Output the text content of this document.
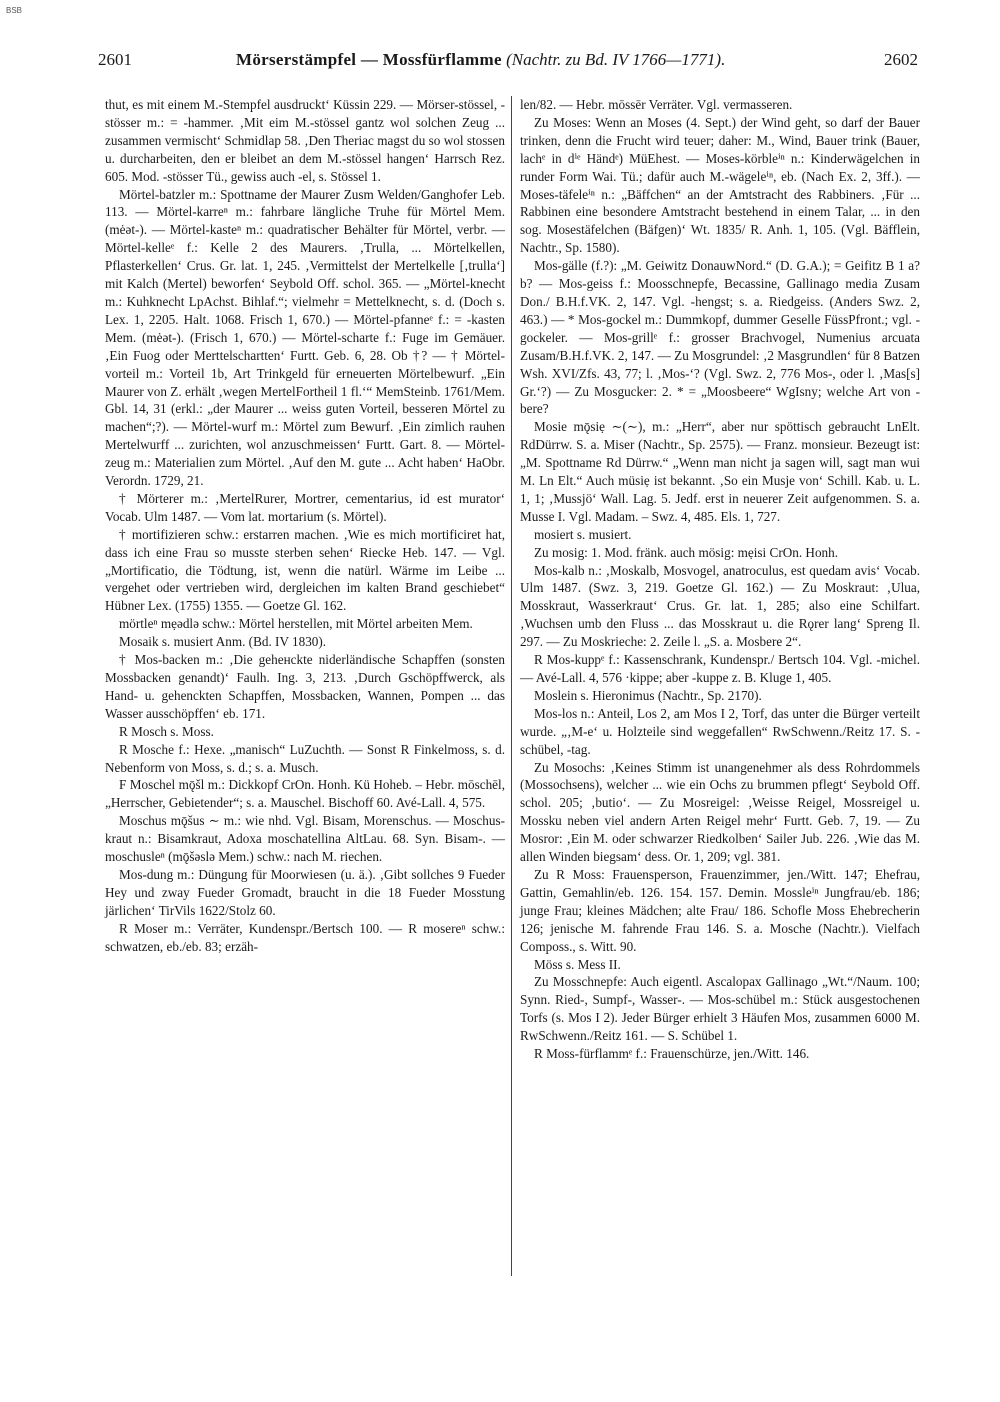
BSB
2601	Mörserstämpfel — Mossfürflamme (Nachtr. zu Bd. IV 1766—1771).	2602

thut, es mit einem M.-Stempfel ausdruckt‘ Küssin 229. — Mörser-stössel, -stösser m.: = -hammer. ‚Mit eim M.-stössel gantz wol solchen Zeug ... zusammen vermischt‘ Schmidlap 58. ‚Den Theriac magst du so wol stossen u. durcharbeiten, den er bleibet an dem M.-stössel hangen‘ Harrsch Rez. 605. Mod. -stösser Tü., gewiss auch -el, s. Stössel 1.

Mörtel-batzler m.: Spottname der Maurer Zusm Welden/Ganghofer Leb. 113. — Mörtel-karreⁿ m.: fahrbare längliche Truhe für Mörtel Mem. (mėət-). — Mörtel-kasteⁿ m.: quadratischer Behälter für Mörtel, verbr. — Mörtel-kelleᵉ f.: Kelle 2 des Maurers. ‚Trulla, ... Mörtelkellen, Pflasterkellen‘ Crus. Gr. lat. 1, 245. ‚Vermittelst der Mertelkelle [‚trulla‘] mit Kalch (Mertel) beworfen‘ Seybold Off. schol. 365. — „Mörtel-knecht m.: Kuhknecht LpAchst. Bihlaf.“; vielmehr = Mettelknecht, s. d. (Doch s. Lex. 1, 2205. Halt. 1068. Frisch 1, 670.) — Mörtel-pfanneᵉ f.: = -kasten Mem. (mėət-). (Frisch 1, 670.) — Mörtel-scharte f.: Fuge im Gemäuer. ‚Ein Fuog oder Merttelschartten‘ Furtt. Geb. 6, 28. Ob †? — † Mörtel-vorteil m.: Vorteil 1b, Art Trinkgeld für erneuerten Mörtelbewurf. „Ein Maurer von Z. erhält ‚wegen MertelFortheil 1 fl.‘“ MemSteinb. 1761/Mem. Gbl. 14, 31 (erkl.: „der Maurer ... weiss guten Vorteil, besseren Mörtel zu machen“;?). — Mörtel-wurf m.: Mörtel zum Bewurf. ‚Ein zimlich rauhen Mertelwurff ... zurichten, wol anzuschmeissen‘ Furtt. Gart. 8. — Mörtel-zeug m.: Materialien zum Mörtel. ‚Auf den M. gute ... Acht haben‘ HaObr. Verordn. 1729, 21.

† Mörterer m.: ‚MertelRurer, Mortrer, cementarius, id est murator‘ Vocab. Ulm 1487. — Vom lat. mortarium (s. Mörtel).

† mortifizieren schw.: erstarren machen. ‚Wie es mich mortificiret hat, dass ich eine Frau so musste sterben sehen‘ Riecke Heb. 147. — Vgl. „Mortificatio, die Tödtung, ist, wenn die natürl. Wärme im Leibe ... vergehet oder vertrieben wird, dergleichen im kalten Brand geschiebet“ Hübner Lex. (1755) 1355. — Goetze Gl. 162.

mörtleⁿ mẹədlə schw.: Mörtel herstellen, mit Mörtel arbeiten Mem.

Mosaik s. musiert Anm. (Bd. IV 1830).

† Mos-backen m.: ‚Die geheнckte niderländische Schapffen (sonsten Mossbacken genandt)‘ Faulh. Ing. 3, 213. ‚Durch Gschöpffwerck, als Hand- u. gehenckten Schapffen, Mossbacken, Wannen, Pompen ... das Wasser ausschöpffen‘ eb. 171.

R Mosch s. Moss.

R Mosche f.: Hexe. „manisch“ LuZuchth. — Sonst R Finkelmoss, s. d. Nebenform von Moss, s. d.; s. a. Musch.

F Moschel mǭšl m.: Dickkopf CrOn. Honh. Kü Hoheb. – Hebr. mōschēl, „Herrscher, Gebietender“; s. a. Mauschel. Bischoff 60. Avé-Lall. 4, 575.

Moschus mǭšus ∼ m.: wie nhd. Vgl. Bisam, Morenschus. — Moschus-kraut n.: Bisamkraut, Adoxa moschatellina AltLau. 68. Syn. Bisam-. — moschusleⁿ (mǭšəslə Mem.) schw.: nach M. riechen.

Mos-dung m.: Düngung für Moorwiesen (u. ä.). ‚Gibt sollches 9 Fueder Hey und zway Fueder Gromadt, braucht in die 18 Fueder Mosstung järlichen‘ TirVils 1622/Stolz 60.

R Moser m.: Verräter, Kundenspr./Bertsch 100. — R mosereⁿ schw.: schwatzen, eb./eb. 83; erzäh-

len/82. — Hebr. mōssēr Verräter. Vgl. vermasseren.

Zu Moses: Wenn an Moses (4. Sept.) der Wind geht, so darf der Bauer trinken, denn die Frucht wird teuer; daher: M., Wind, Bauer trink (Bauer, lachᵉ in dⁱᵉ Händᵉ) MüEhest. — Moses-körbleⁱⁿ n.: Kinderwägelchen in runder Form Wai. Tü.; dafür auch M.-wägeleⁱⁿ, eb. (Nach Ex. 2, 3ff.). — Moses-täfeleⁱⁿ n.: „Bäffchen“ an der Amtstracht des Rabbiners. ‚Für ... Rabbinen eine besondere Amtstracht bestehend in einem Talar, ... in den sog. Mosestäfelchen (Bäfgen)‘ Wt. 1835/ R. Anh. 1, 105. (Vgl. Bäfflein, Nachtr., Sp. 1580).

Mos-gälle (f.?): „M. Geiwitz DonauwNord.“ (D. G.A.); = Geifitz B 1 a? b? — Mos-geiss f.: Moosschnepfe, Becassine, Gallinago media Zusam Don./ B.H.f.VK. 2, 147. Vgl. -hengst; s. a. Riedgeiss. (Anders Swz. 2, 463.) — * Mos-gockel m.: Dummkopf, dummer Geselle FüssPfront.; vgl. -gockeler. — Mos-grillᵉ f.: grosser Brachvogel, Numenius arcuata Zusam/B.H.f.VK. 2, 147. — Zu Mosgrundel: ‚2 Masgrundlen‘ für 8 Batzen Wsh. XVI/Zfs. 43, 77; l. ‚Mos-‘? (Vgl. Swz. 2, 776 Mos-, oder l. ‚Mas[s] Gr.‘?) — Zu Mosgucker: 2. * = „Moosbeere“ WgIsny; welche Art von -bere?

Mosie mǭsiẹ ∼(∼), m.: „Herr“, aber nur spöttisch gebraucht LnElt. RdDürrw. S. a. Miser (Nachtr., Sp. 2575). — Franz. monsieur. Bezeugt ist: „M. Spottname Rd Dürrw.“ „Wenn man nicht ja sagen will, sagt man wui M. Ln Elt.“ Auch müsiẹ ist bekannt. ‚So ein Musje von‘ Schill. Kab. u. L. 1, 1; ‚Mussjö‘ Wall. Lag. 5. Jedf. erst in neuerer Zeit aufgenommen. S. a. Musse I. Vgl. Madam. – Swz. 4, 485. Els. 1, 727.

mosiert s. musiert.

Zu mosig: 1. Mod. fränk. auch mösig: mẹisi CrOn. Honh.

Mos-kalb n.: ‚Moskalb, Mosvogel, anatroculus, est quedam avis‘ Vocab. Ulm 1487. (Swz. 3, 219. Goetze Gl. 162.) — Zu Moskraut: ‚Ulua, Mosskraut, Wasserkraut‘ Crus. Gr. lat. 1, 285; also eine Schilfart. ‚Wuchsen umb den Fluss ... das Mosskraut u. die Rǫrer lang‘ Spreng Il. 297. — Zu Moskrieche: 2. Zeile l. „S. a. Mosbere 2“.

R Mos-kuppᵉ f.: Kassenschrank, Kundenspr./ Bertsch 104. Vgl. -michel. — Avé-Lall. 4, 576 ·kippe; aber -kuppe z. B. Kluge 1, 405.

Moslein s. Hieronimus (Nachtr., Sp. 2170).

Mos-los n.: Anteil, Los 2, am Mos I 2, Torf, das unter die Bürger verteilt wurde. „‚M-e‘ u. Holzteile sind weggefallen“ RwSchwenn./Reitz 17. S. -schübel, -tag.

Zu Mosochs: ‚Keines Stimm ist unangenehmer als dess Rohrdommels (Mossochsens), welcher ... wie ein Ochs zu brummen pflegt‘ Seybold Off. schol. 205; ‚butio‘. — Zu Mosreigel: ‚Weisse Reigel, Mossreigel u. Mossku neben viel andern Arten Reigel mehr‘ Furtt. Geb. 7, 19. — Zu Mosror: ‚Ein M. oder schwarzer Riedkolben‘ Sailer Jub. 226. ‚Wie das M. allen Winden biegsam‘ dess. Or. 1, 209; vgl. 381.

Zu R Moss: Frauensperson, Frauenzimmer, jen./Witt. 147; Ehefrau, Gattin, Gemahlin/eb. 126. 154. 157. Demin. Mossleⁱⁿ Jungfrau/eb. 186; junge Frau; kleines Mädchen; alte Frau/ 186. Schofle Moss Ehebrecherin 126; jenische M. fahrende Frau 146. S. a. Mosche (Nachtr.). Vielfach Composs., s. Witt. 90.

Möss s. Mess II.

Zu Mosschnepfe: Auch eigentl. Ascalopax Gallinago „Wt.“/Naum. 100; Synn. Ried-, Sumpf-, Wasser-. — Mos-schübel m.: Stück ausgestochenen Torfs (s. Mos I 2). Jeder Bürger erhielt 3 Häufen Mos, zusammen 6000 M. RwSchwenn./Reitz 161. — S. Schübel 1.

R Moss-fürflammᵉ f.: Frauenschürze, jen./Witt. 146.
